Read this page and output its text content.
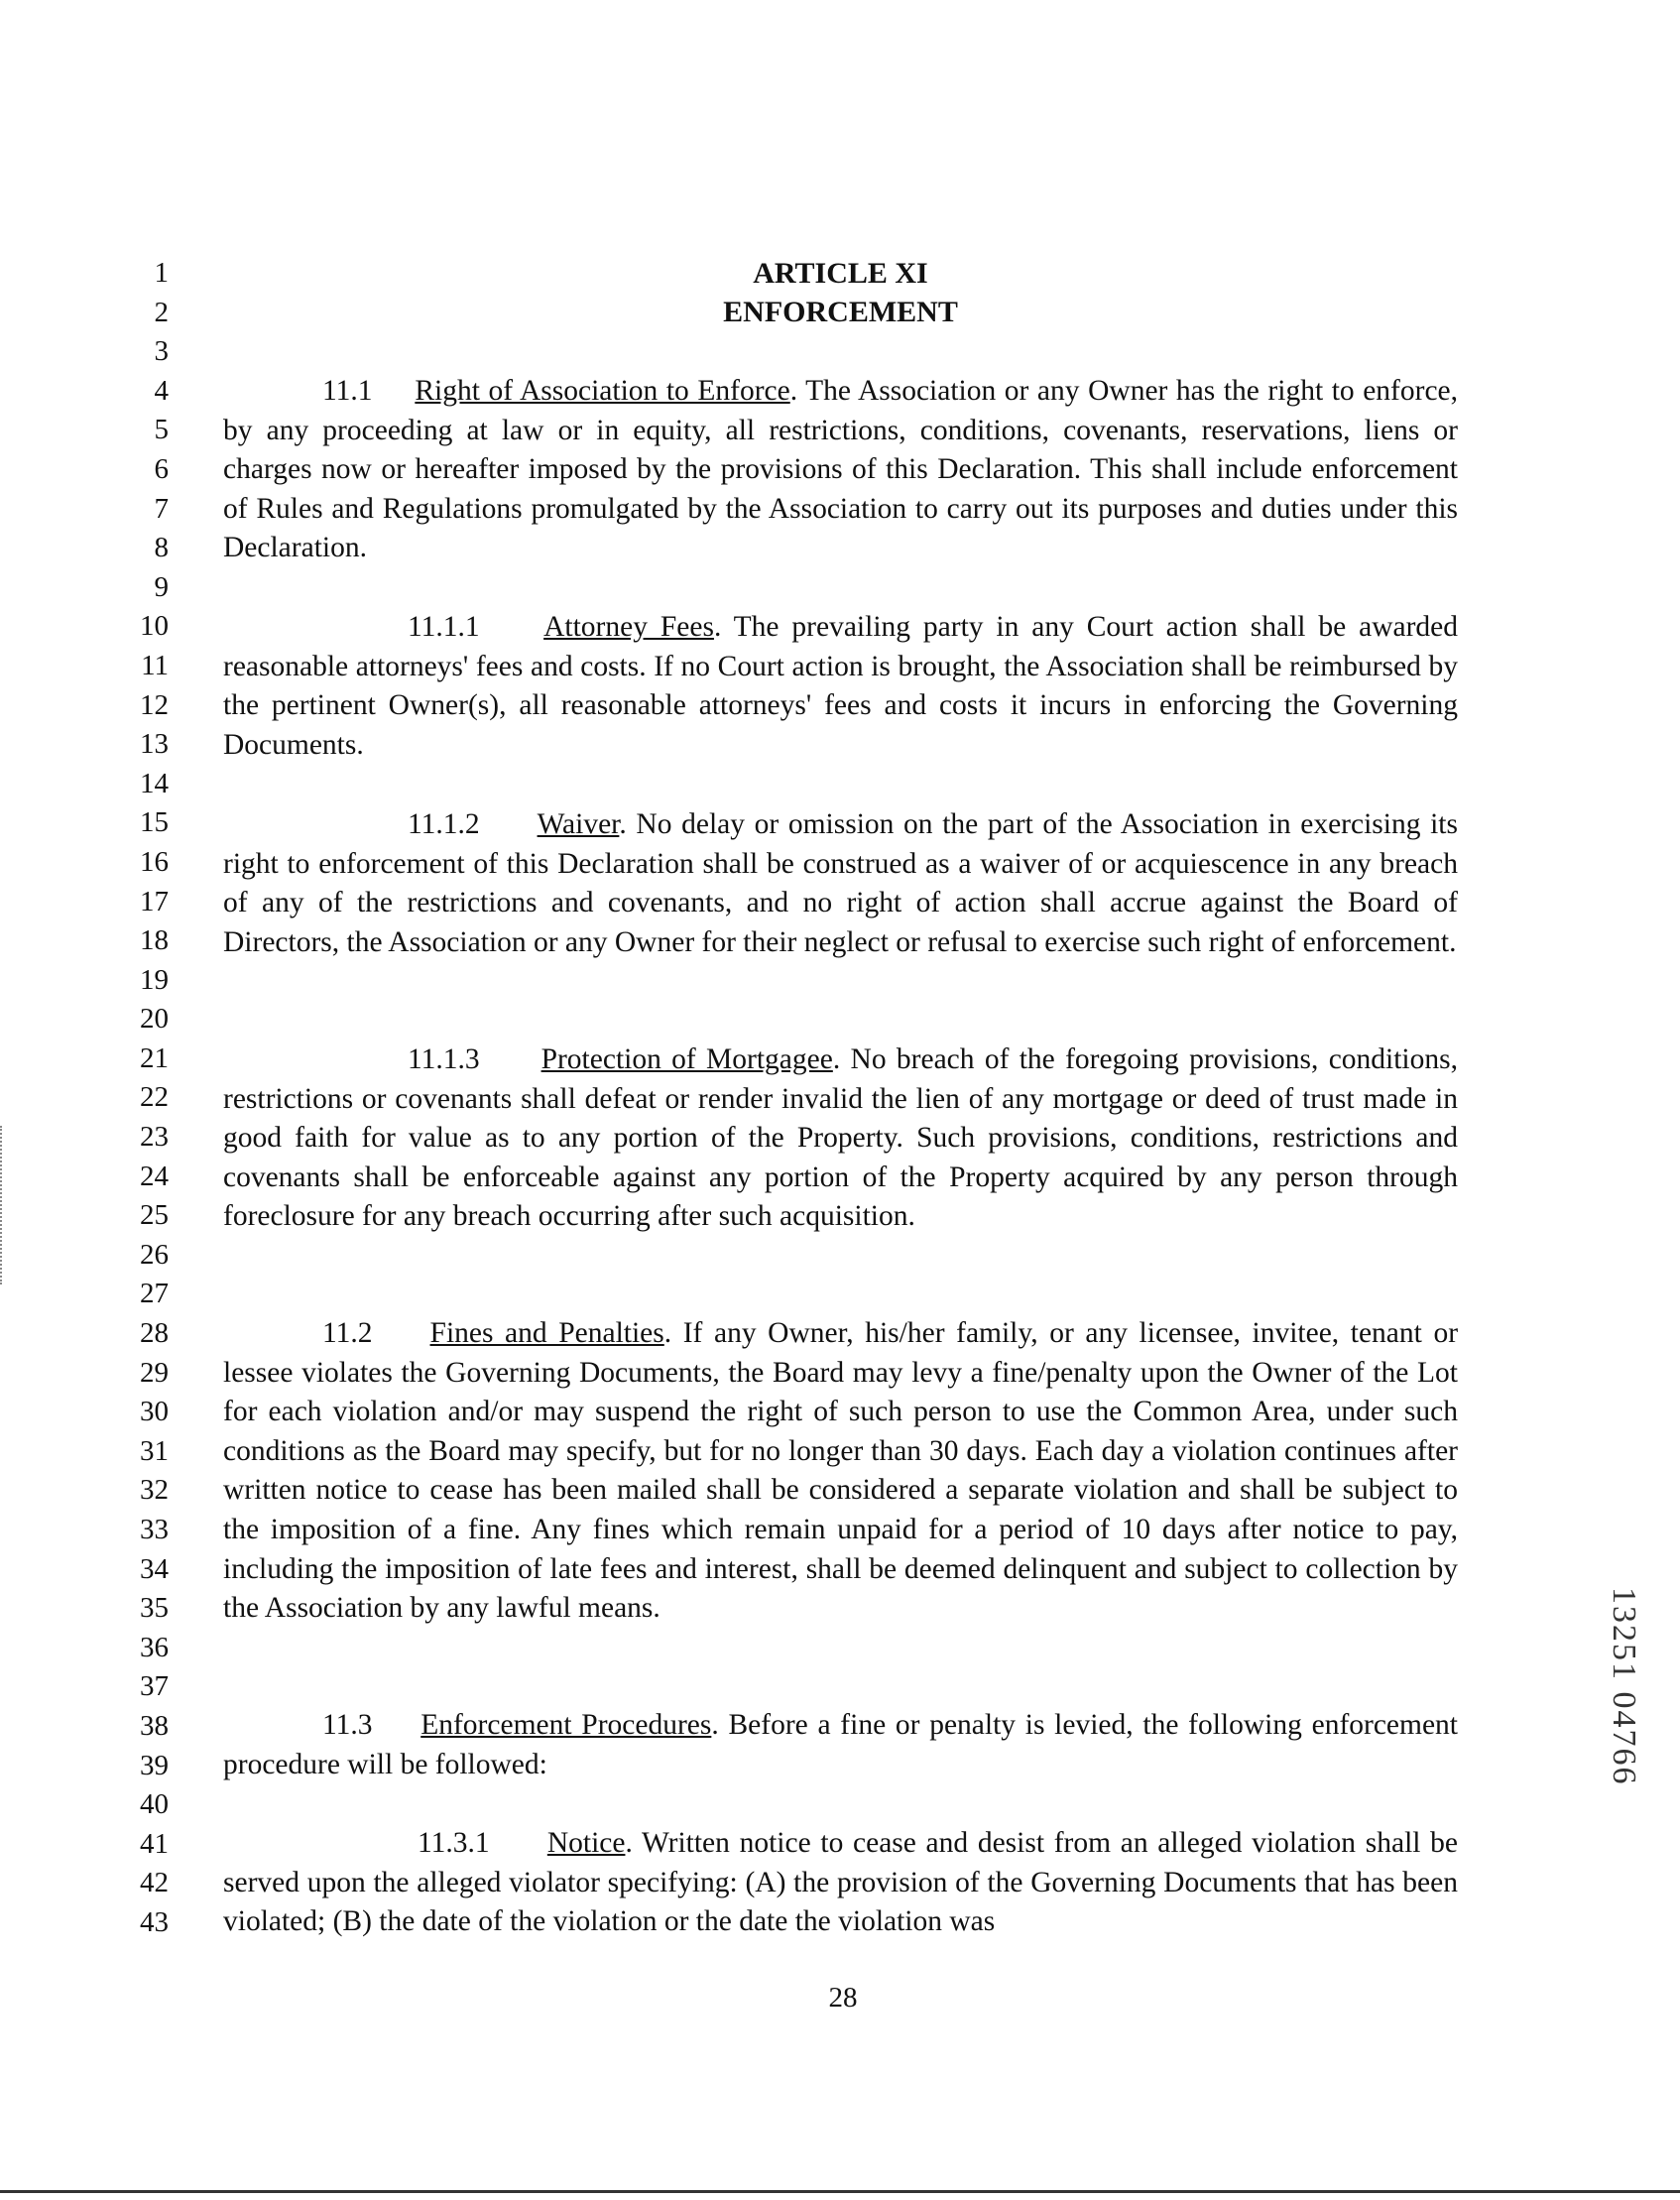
1
2
3
4
5
6
7
8
9
10
11
12
13
14
15
16
17
18
19
20
21
22
23
24
25
26
27
28
29
30
31
32
33
34
35
36
37
38
39
40
41
42
43
ARTICLE XI
ENFORCEMENT
11.1 Right of Association to Enforce. The Association or any Owner has the right to enforce, by any proceeding at law or in equity, all restrictions, conditions, covenants, reservations, liens or charges now or hereafter imposed by the provisions of this Declaration. This shall include enforcement of Rules and Regulations promulgated by the Association to carry out its purposes and duties under this Declaration.
11.1.1 Attorney Fees. The prevailing party in any Court action shall be awarded reasonable attorneys' fees and costs. If no Court action is brought, the Association shall be reimbursed by the pertinent Owner(s), all reasonable attorneys' fees and costs it incurs in enforcing the Governing Documents.
11.1.2 Waiver. No delay or omission on the part of the Association in exercising its right to enforcement of this Declaration shall be construed as a waiver of or acquiescence in any breach of any of the restrictions and covenants, and no right of action shall accrue against the Board of Directors, the Association or any Owner for their neglect or refusal to exercise such right of enforcement.
11.1.3 Protection of Mortgagee. No breach of the foregoing provisions, conditions, restrictions or covenants shall defeat or render invalid the lien of any mortgage or deed of trust made in good faith for value as to any portion of the Property. Such provisions, conditions, restrictions and covenants shall be enforceable against any portion of the Property acquired by any person through foreclosure for any breach occurring after such acquisition.
11.2 Fines and Penalties. If any Owner, his/her family, or any licensee, invitee, tenant or lessee violates the Governing Documents, the Board may levy a fine/penalty upon the Owner of the Lot for each violation and/or may suspend the right of such person to use the Common Area, under such conditions as the Board may specify, but for no longer than 30 days. Each day a violation continues after written notice to cease has been mailed shall be considered a separate violation and shall be subject to the imposition of a fine. Any fines which remain unpaid for a period of 10 days after notice to pay, including the imposition of late fees and interest, shall be deemed delinquent and subject to collection by the Association by any lawful means.
11.3 Enforcement Procedures. Before a fine or penalty is levied, the following enforcement procedure will be followed:
11.3.1 Notice. Written notice to cease and desist from an alleged violation shall be served upon the alleged violator specifying: (A) the provision of the Governing Documents that has been violated; (B) the date of the violation or the date the violation was
28
13251 04766
